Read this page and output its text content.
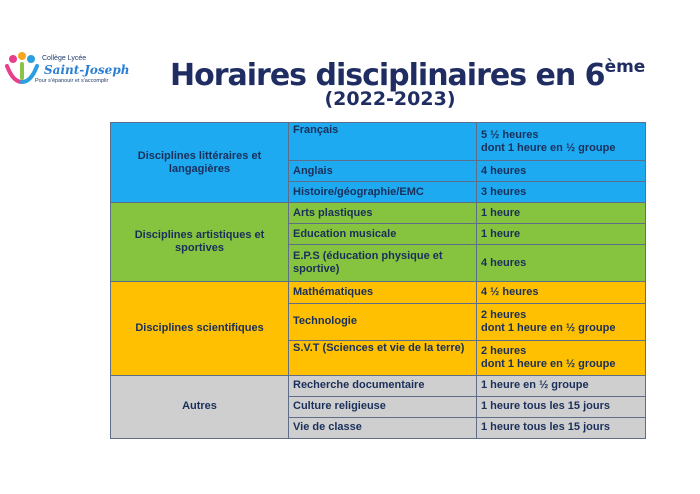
Collège Lycée
Saint-Joseph
Pour s'épanouir et s'accomplir Horaires disciplinaires en 6ème
(2022-2023)
Disciplines littéraires et langagières	Français	5 ½ heures
dont 1 heure en ½ groupe

	Anglais	4 heures
	Histoire/géographie/EMC	3 heures
Disciplines artistiques et sportives	Arts plastiques	1 heure
	Education musicale	1 heure
	E.P.S (éducation physique et sportive)	4 heures
Disciplines scientifiques	Mathématiques	4 ½ heures
	Technologie	2 heures
dont 1 heure en ½ groupe

	S.V.T (Sciences et vie de la terre)	2 heures
dont 1 heure en ½ groupe

Autres	Recherche documentaire	1 heure en ½ groupe
	Culture religieuse	1 heure tous les 15 jours
	Vie de classe	1 heure tous les 15 jours
